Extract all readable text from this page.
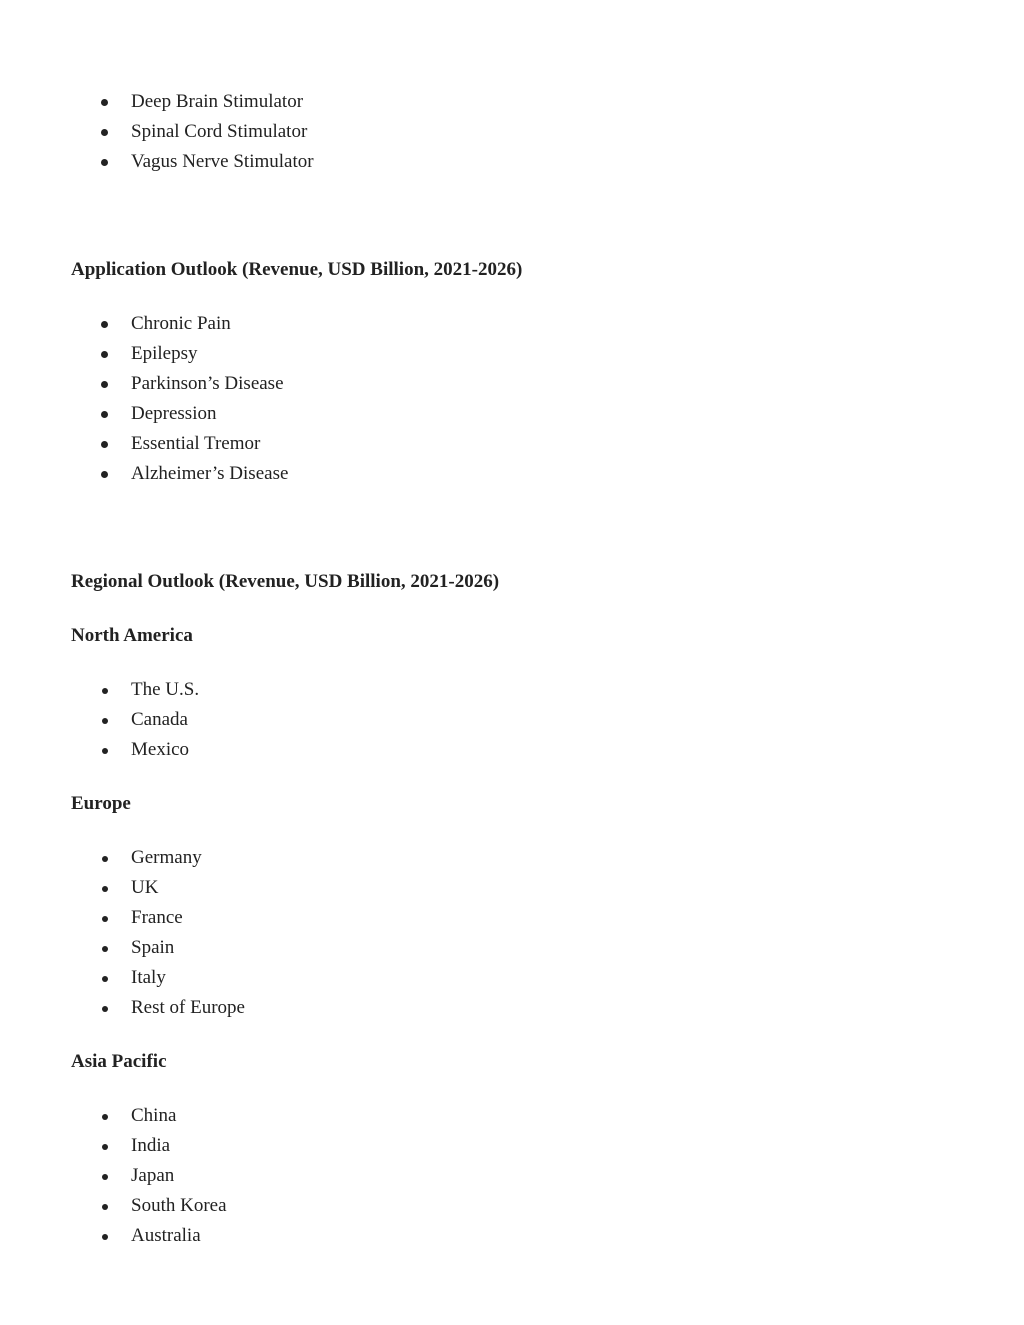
Deep Brain Stimulator
Spinal Cord Stimulator
Vagus Nerve Stimulator
Application Outlook (Revenue, USD Billion, 2021-2026)
Chronic Pain
Epilepsy
Parkinson’s Disease
Depression
Essential Tremor
Alzheimer’s Disease
Regional Outlook (Revenue, USD Billion, 2021-2026)
North America
The U.S.
Canada
Mexico
Europe
Germany
UK
France
Spain
Italy
Rest of Europe
Asia Pacific
China
India
Japan
South Korea
Australia
